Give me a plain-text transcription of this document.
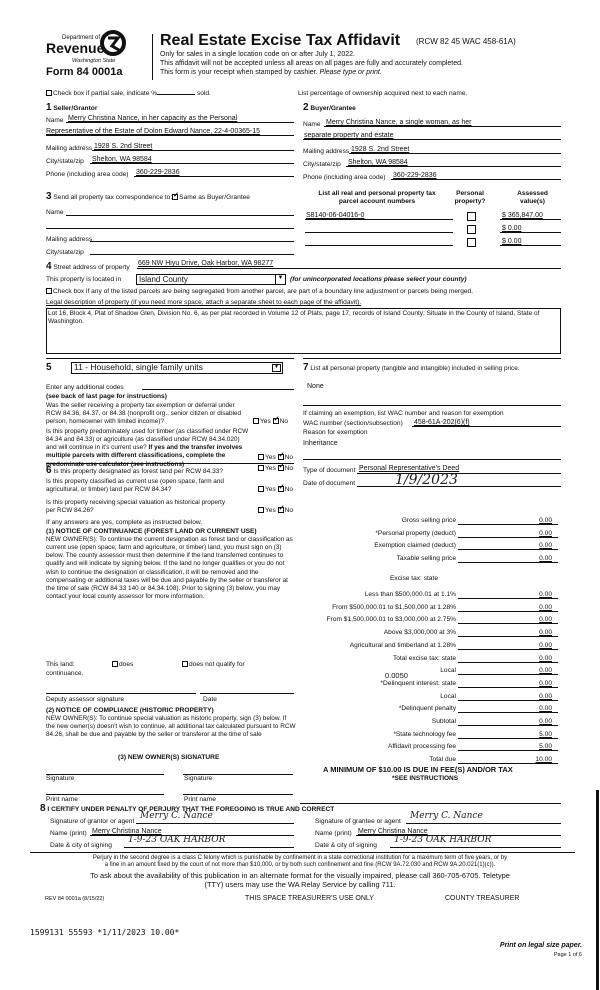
Department of
Revenue
Washington State
Form 84 0001a
Real Estate Excise Tax Affidavit (RCW 82 45 WAC 458-61A)
Only for sales in a single location code on or after July 1, 2022.
This affidavit will not be accepted unless all areas on all pages are fully and accurately completed.
This form is your receipt when stamped by cashier. Please type or print.
Check box if partial sale, indicate %	sold.	List percentage of ownership acquired next to each name.
1 Seller/Grantor
Name Merry Christina Nance, in her capacity as the Personal
Representative of the Estate of Dolon Edward Nance, 22-4-00365-15
Mailing address 1928 S. 2nd Street
City/state/zip Shelton, WA 98584
Phone (including area code) 360-229-2836
2 Buyer/Grantee
Name Merry Christina Nance, a single woman, as her
separate property and estate
Mailing address 1928 S. 2nd Street
City/state/zip Shelton, WA 98584
Phone (including area code) 360-229-2836
3 Send all property tax correspondence to: ✓ Same as Buyer/Grantee
Name
Mailing address
City/state/zip
List all real and personal property tax
parcel account numbers
Personal
property?
Assessed
value(s)
S8140-06-04016-0	$ 365,847.00
$ 0.00
$ 0.00
4 Street address of property
669 NW Hiyu Drive, Oak Harbor, WA 98277
This property is located in	Island County	▼ (for unincorporated locations please select your county)
Check box if any of the listed parcels are being segregated from another parcel, are part of a boundary line adjustment or parcels being merged.
Legal description of property (if you need more space, attach a separate sheet to each page of the affidavit).
Lot 16, Block 4, Plat of Shadow Glen, Division No. 6, as per plat recorded in Volume 12 of Plats, page 17, records of Island County; Situate in the County of Island, State of Washington.
5	11 - Household, single family units	▼
Enter any additional codes
(see back of last page for instructions)
Was the seller receiving a property tax exemption or deferral under RCW 84.36, 84.37, or 84.38 (nonprofit org., senior citizen or disabled person, homeowner with limited income)?	Yes ✓ No
Is this property predominately used for timber (as classified under RCW 84.34 and 84.33) or agriculture (as classified under RCW 84.34.020) and will continue in it's current use? If yes and the transfer involves multiple parcels with different classifications, complete the predominate use calculator (see instructions)
Yes ✓ No
6 Is this property designated as forest land per RCW 84.33?	Yes ✓ No
Is this property classified as current use (open space, farm and agricultural, or timber) land per RCW 84.34?	Yes ✓ No
Is this property receiving special valuation as historical property per RCW 84.26?	Yes ✓ No
If any answers are yes, complete as instructed below.
(1) NOTICE OF CONTINUANCE (FOREST LAND OR CURRENT USE)
NEW OWNER(S): To continue the current designation as forest land or classification as current use (open space, farm and agriculture, or timber) land, you must sign on (3) below. The county assessor must then determine if the land transferred continues to qualify and will indicate by signing below. If the land no longer qualifies or you do not wish to continue the designation or classification, it will be removed and the compensating or additional taxes will be due and payable by the seller or transferor at the time of sale (RCW 84 33 140 or 84.34.108). Prior to signing (3) below, you may contact your local county assessor for more information.
This land:
continuance.
does	does not qualify for
Deputy assessor signature	Date
(2) NOTICE OF COMPLIANCE (HISTORIC PROPERTY)
NEW OWNER(S): To continue special valuation as historic property, sign (3) below. If the new owner(s) doesn't wish to continue, all additional tax calculated pursuant to RCW 84.26, shall be due and payable by the seller or transferor at the time of sale
(3) NEW OWNER(S) SIGNATURE
Signature	Signature
Print name	Print name
7 List all personal property (tangible and intangible) included in selling price.
None
If claiming an exemption, list WAC number and reason for exemption
WAC number (section/subsection) 458-61A-202(6)(f)
Reason for exemption
Inheritance
Type of document Personal Representative's Deed
Date of document	1/9/2023
Gross selling price	0.00
*Personal property (deduct)	0.00
Exemption claimed (deduct)	0.00
Taxable selling price	0.00
Less than $500,000.01 at 1.1%	0.00
From $500,000.01 to $1,500,000 at 1.28%	0.00
From $1,500,000.01 to $3,000,000 at 2.75%	0.00
Above $3,000,000 at 3%	0.00
Agricultural and timberland at 1.28%	0.00
Total excise tax: state	0.00
Local	0.00
*Delinquent interest: state	0.00
Local	0.00
*Delinquent penalty	0.00
Subtotal	0.00
*State technology fee	5.00
Affidavit processing fee	5.00
Total due	10.00
Excise tax: state
0.0050
A MINIMUM OF $10.00 IS DUE IN FEE(S) AND/OR TAX
*SEE INSTRUCTIONS
8 I CERTIFY UNDER PENALTY OF PERJURY THAT THE FOREGOING IS TRUE AND CORRECT
Signature of grantor or agent
Merry C. Nance
Name (print) Merry Christina Nance
Date & city of signing
1-9-23 OAK HARBOR
Signature of grantee or agent
Merry C. Nance
Name (print) Merry Christina Nance
Date & city of signing
1-9-23 OAK HARBOR
Perjury in the second degree is a class C felony which is punishable by confinement in a state correctional institution for a maximum term of five years, or by
a fine in an amount fixed by the court of not more than $10,000, or by both such confinement and fine (RCW 9A.72.030 and RCW 9A.20.021(1)(c)).
To ask about the availability of this publication in an alternate format for the visually impaired, please call 360-705-6705. Teletype
(TTY) users may use the WA Relay Service by calling 711.
REV 84 0001a (8/15/22)	THIS SPACE TREASURER'S USE ONLY	COUNTY TREASURER
1599131 55593 *1/11/2023 10.00*
Print on legal size paper.
Page 1 of 6
